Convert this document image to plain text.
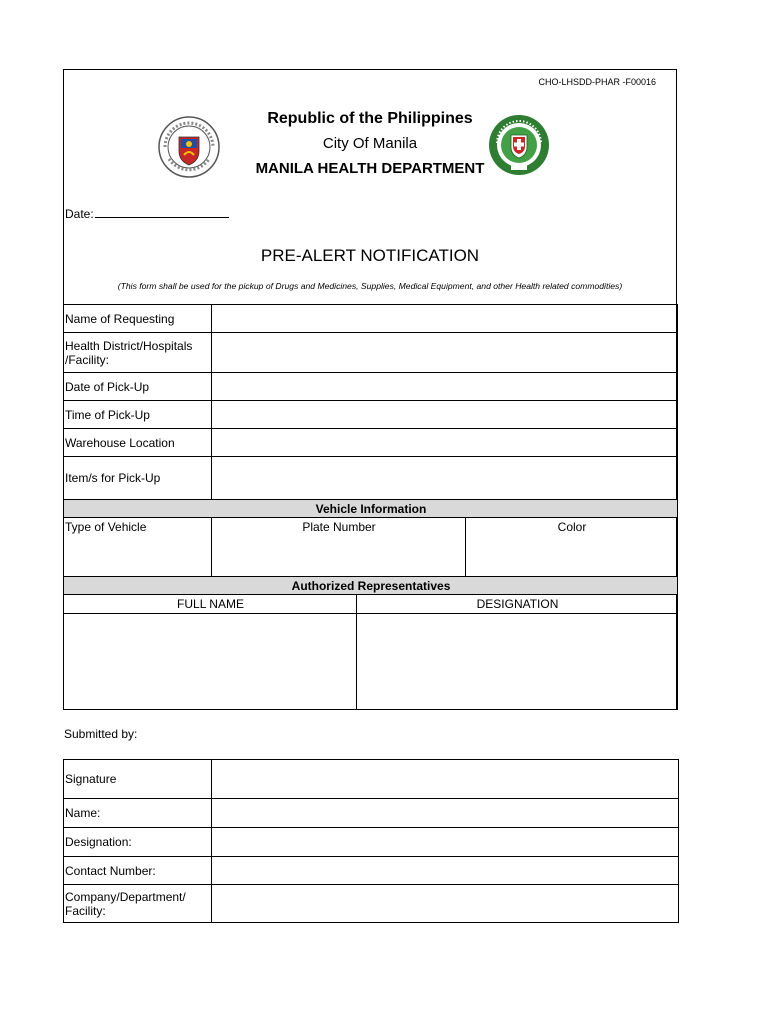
CHO-LHSDD-PHAR -F00016
Republic of the Philippines
City Of Manila
MANILA HEALTH DEPARTMENT
Date:
PRE-ALERT NOTIFICATION
(This form shall be used for the pickup of Drugs and Medicines, Supplies, Medical Equipment, and other Health related commodities)
Name of Requesting			
Health District/Hospitals /Facility:			
Date of Pick-Up			
Time of Pick-Up			
Warehouse Location			
Item/s for Pick-Up			
Vehicle Information			
Type of Vehicle	Plate Number		Color
Authorized Representatives			
FULL NAME		DESIGNATION	

Submitted by:
Signature	
Name:	
Designation:	
Contact Number:	
Company/Department/ Facility:	
